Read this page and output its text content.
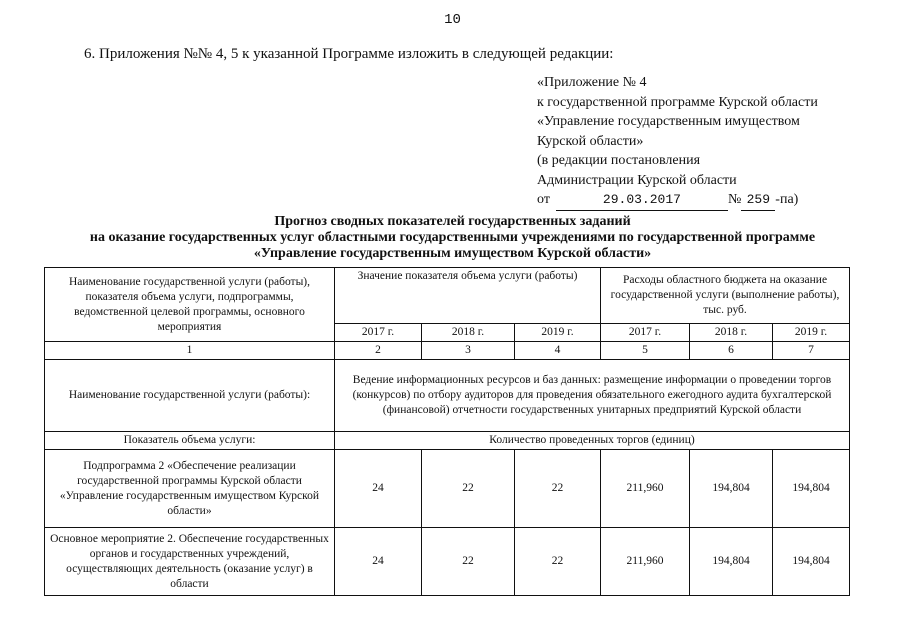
10
6. Приложения №№ 4, 5 к указанной Программе изложить в следующей редакции:
«Приложение № 4
к государственной программе Курской области
«Управление государственным имуществом
Курской области»
(в редакции постановления
Администрации Курской области
от	29.03.2017	№ 259 -па)
Прогноз сводных показателей государственных заданий
на оказание государственных услуг областными государственными учреждениями по государственной программе
«Управление государственным имуществом Курской области»
Наименование государственной услуги (работы), показателя объема услуги, подпрограммы, ведомственной целевой программы, основного мероприятия	Значение показателя объема услуги (работы)			Расходы областного бюджета на оказание государственной услуги (выполнение работы), тыс. руб.		
	2017 г.	2018 г.	2019 г.	2017 г.	2018 г.	2019 г.
1	2	3	4	5	6	7
Наименование государственной услуги (работы):	Ведение информационных ресурсов и баз данных: размещение информации о проведении торгов (конкурсов) по отбору аудиторов для проведения обязательного ежегодного аудита бухгалтерской (финансовой) отчетности государственных унитарных предприятий Курской области					
Показатель объема услуги:	Количество проведенных торгов (единиц)					
Подпрограмма 2 «Обеспечение реализации государственной программы Курской области «Управление государственным имуществом Курской области»	24	22	22	211,960	194,804	194,804
Основное мероприятие 2. Обеспечение государственных органов и государственных учреждений, осуществляющих деятельность (оказание услуг) в области	24	22	22	211,960	194,804	194,804
